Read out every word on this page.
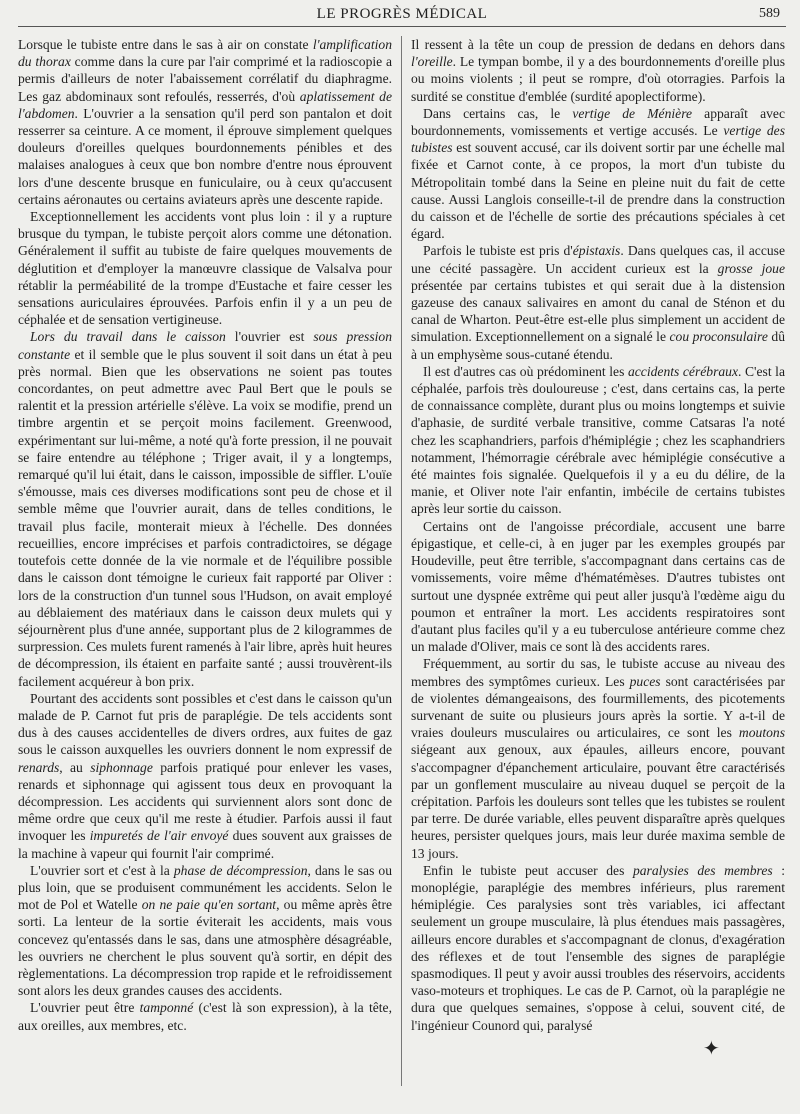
LE PROGRÈS MÉDICAL	589

Lorsque le tubiste entre dans le sas à air on constate l'amplification du thorax comme dans la cure par l'air comprimé et la radioscopie a permis d'ailleurs de noter l'abaissement corrélatif du diaphragme. Les gaz abdominaux sont refoulés, resserrés, d'où aplatissement de l'abdomen. L'ouvrier a la sensation qu'il perd son pantalon et doit resserrer sa ceinture. A ce moment, il éprouve simplement quelques douleurs d'oreilles quelques bourdonnements pénibles et des malaises analogues à ceux que bon nombre d'entre nous éprouvent lors d'une descente brusque en funiculaire, ou à ceux qu'accusent certains aéronautes ou certains aviateurs après une descente rapide.

Exceptionnellement les accidents vont plus loin : il y a rupture brusque du tympan, le tubiste perçoit alors comme une détonation. Généralement il suffit au tubiste de faire quelques mouvements de déglutition et d'employer la manœuvre classique de Valsalva pour rétablir la perméabilité de la trompe d'Eustache et faire cesser les sensations auriculaires éprouvées. Parfois enfin il y a un peu de céphalée et de sensation vertigineuse.

Lors du travail dans le caisson l'ouvrier est sous pression constante et il semble que le plus souvent il soit dans un état à peu près normal. Bien que les observations ne soient pas toutes concordantes, on peut admettre avec Paul Bert que le pouls se ralentit et la pression artérielle s'élève. La voix se modifie, prend un timbre argentin et se perçoit moins facilement. Greenwood, expérimentant sur lui-même, a noté qu'à forte pression, il ne pouvait se faire entendre au téléphone ; Triger avait, il y a longtemps, remarqué qu'il lui était, dans le caisson, impossible de siffler. L'ouïe s'émousse, mais ces diverses modifications sont peu de chose et il semble même que l'ouvrier aurait, dans de telles conditions, le travail plus facile, monterait mieux à l'échelle. Des données recueillies, encore imprécises et parfois contradictoires, se dégage toutefois cette donnée de la vie normale et de l'équilibre possible dans le caisson dont témoigne le curieux fait rapporté par Oliver : lors de la construction d'un tunnel sous l'Hudson, on avait employé au déblaiement des matériaux dans le caisson deux mulets qui y séjournèrent plus d'une année, supportant plus de 2 kilogrammes de surpression. Ces mulets furent ramenés à l'air libre, après huit heures de décompression, ils étaient en parfaite santé ; aussi trouvèrent-ils facilement acquéreur à bon prix.

Pourtant des accidents sont possibles et c'est dans le caisson qu'un malade de P. Carnot fut pris de paraplégie. De tels accidents sont dus à des causes accidentelles de divers ordres, aux fuites de gaz sous le caisson auxquelles les ouvriers donnent le nom expressif de renards, au siphonnage parfois pratiqué pour enlever les vases, renards et siphonnage qui agissent tous deux en provoquant la décompression. Les accidents qui surviennent alors sont donc de même ordre que ceux qu'il me reste à étudier. Parfois aussi il faut invoquer les impuretés de l'air envoyé dues souvent aux graisses de la machine à vapeur qui fournit l'air comprimé.

L'ouvrier sort et c'est à la phase de décompression, dans le sas ou plus loin, que se produisent communément les accidents. Selon le mot de Pol et Watelle on ne paie qu'en sortant, ou même après être sorti. La lenteur de la sortie éviterait les accidents, mais vous concevez qu'entassés dans le sas, dans une atmosphère désagréable, les ouvriers ne cherchent le plus souvent qu'à sortir, en dépit des règlementations. La décompression trop rapide et le refroidissement sont alors les deux grandes causes des accidents.

L'ouvrier peut être tamponné (c'est là son expression), à la tête, aux oreilles, aux membres, etc.

Il ressent à la tête un coup de pression de dedans en dehors dans l'oreille. Le tympan bombe, il y a des bourdonnements d'oreille plus ou moins violents ; il peut se rompre, d'où otorragies. Parfois la surdité se constitue d'emblée (surdité apoplectiforme).

Dans certains cas, le vertige de Ménière apparaît avec bourdonnements, vomissements et vertige accusés. Le vertige des tubistes est souvent accusé, car ils doivent sortir par une échelle mal fixée et Carnot conte, à ce propos, la mort d'un tubiste du Métropolitain tombé dans la Seine en pleine nuit du fait de cette cause. Aussi Langlois conseille-t-il de prendre dans la construction du caisson et de l'échelle de sortie des précautions spéciales à cet égard.

Parfois le tubiste est pris d'épistaxis. Dans quelques cas, il accuse une cécité passagère. Un accident curieux est la grosse joue présentée par certains tubistes et qui serait due à la distension gazeuse des canaux salivaires en amont du canal de Sténon et du canal de Wharton. Peut-être est-elle plus simplement un accident de simulation. Exceptionnellement on a signalé le cou proconsulaire dû à un emphysème sous-cutané étendu.

Il est d'autres cas où prédominent les accidents cérébraux. C'est la céphalée, parfois très douloureuse ; c'est, dans certains cas, la perte de connaissance complète, durant plus ou moins longtemps et suivie d'aphasie, de surdité verbale transitive, comme Catsaras l'a noté chez les scaphandriers, parfois d'hémiplégie ; chez les scaphandriers notamment, l'hémorragie cérébrale avec hémiplégie consécutive a été maintes fois signalée. Quelquefois il y a eu du délire, de la manie, et Oliver note l'air enfantin, imbécile de certains tubistes après leur sortie du caisson.

Certains ont de l'angoisse précordiale, accusent une barre épigastique, et celle-ci, à en juger par les exemples groupés par Houdeville, peut être terrible, s'accompagnant dans certains cas de vomissements, voire même d'hématémèses. D'autres tubistes ont surtout une dyspnée extrême qui peut aller jusqu'à l'œdème aigu du poumon et entraîner la mort. Les accidents respiratoires sont d'autant plus faciles qu'il y a eu tuberculose antérieure comme chez un malade d'Oliver, mais ce sont là des accidents rares.

Fréquemment, au sortir du sas, le tubiste accuse au niveau des membres des symptômes curieux. Les puces sont caractérisées par de violentes démangeaisons, des fourmillements, des picotements survenant de suite ou plusieurs jours après la sortie. Y a-t-il de vraies douleurs musculaires ou articulaires, ce sont les moutons siégeant aux genoux, aux épaules, ailleurs encore, pouvant s'accompagner d'épanchement articulaire, pouvant être caractérisés par un gonflement musculaire au niveau duquel se perçoit de la crépitation. Parfois les douleurs sont telles que les tubistes se roulent par terre. De durée variable, elles peuvent disparaître après quelques heures, persister quelques jours, mais leur durée maxima semble de 13 jours.

Enfin le tubiste peut accuser des paralysies des membres : monoplégie, paraplégie des membres inférieurs, plus rarement hémiplégie. Ces paralysies sont très variables, ici affectant seulement un groupe musculaire, là plus étendues mais passagères, ailleurs encore durables et s'accompagnant de clonus, d'exagération des réflexes et de tout l'ensemble des signes de paraplégie spasmodiques. Il peut y avoir aussi troubles des réservoirs, accidents vaso-moteurs et trophiques. Le cas de P. Carnot, où la paraplégie ne dura que quelques semaines, s'oppose à celui, souvent cité, de l'ingénieur Counord qui, paralysé

✦
